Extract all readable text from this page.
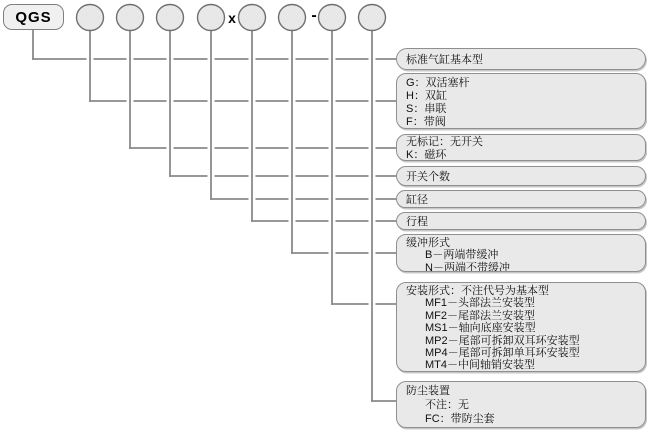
QGS	x	-
标准气缸基本型
G：双活塞杆
H：双缸
S：串联
F：带阀
无标记：无开关
K：磁环
开关个数
缸径
行程
缓冲形式
B－两端带缓冲
N－两端不带缓冲
安装形式：不注代号为基本型
MF1－头部法兰安装型
MF2－尾部法兰安装型
MS1－轴向底座安装型
MP2－尾部可拆卸双耳环安装型
MP4－尾部可拆卸单耳环安装型
MT4－中间轴销安装型
防尘装置
不注：无
FC：带防尘套
